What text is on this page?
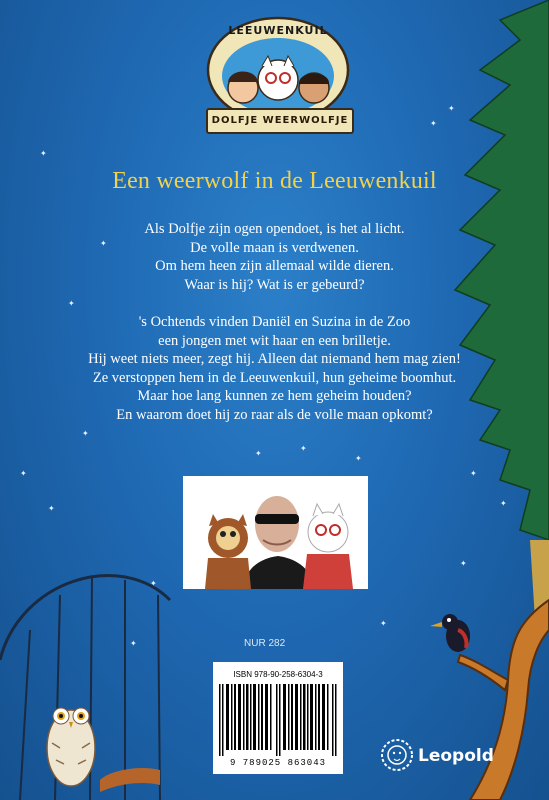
✦
✦
✦
✦
✦
✦
✦
✦
✦
✦
✦
✦
✦
✦
✦
✦
✦
LEEUWENKUIL
DOLFJE WEERWOLFJE
Een weerwolf in de Leeuwenkuil
Als Dolfje zijn ogen opendoet, is het al licht.
De volle maan is verdwenen.
Om hem heen zijn allemaal wilde dieren.
Waar is hij? Wat is er gebeurd?
's Ochtends vinden Daniël en Suzina in de Zoo
een jongen met wit haar en een brilletje.
Hij weet niets meer, zegt hij. Alleen dat niemand hem mag zien!
Ze verstoppen hem in de Leeuwenkuil, hun geheime boomhut.
Maar hoe lang kunnen ze hem geheim houden?
En waarom doet hij zo raar als de volle maan opkomt?
NUR 282
ISBN 978-90-258-6304-3
9 789025 863043	Leopold
